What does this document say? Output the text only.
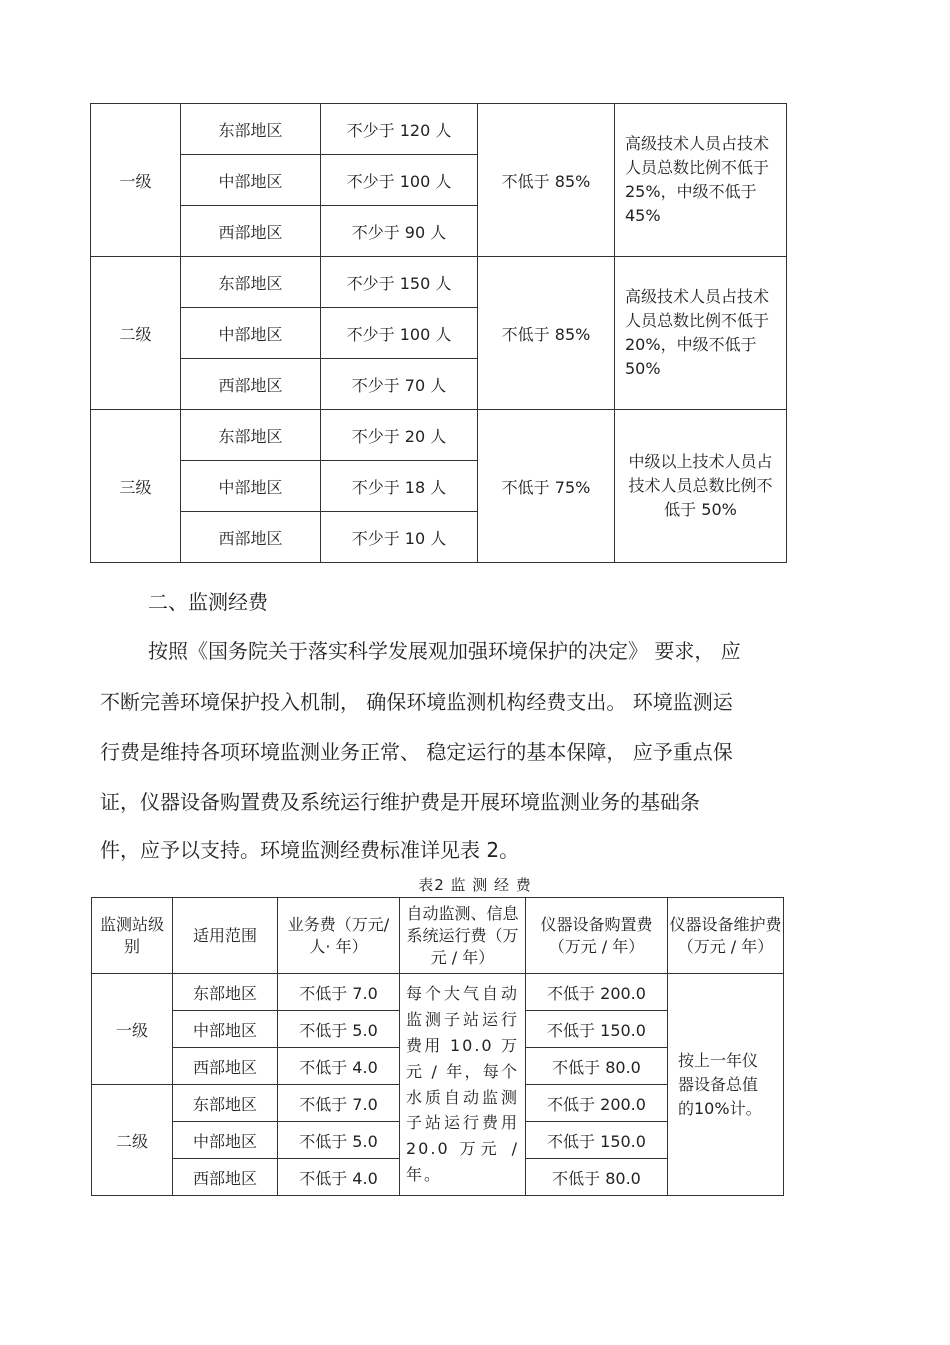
一级	东部地区	不少于 120 人	不低于 85%	高级技术人员占技术人员总数比例不低于 25%，中级不低于 45%
	中部地区	不少于 100 人		
	西部地区	不少于 90 人		
二级	东部地区	不少于 150 人	不低于 85%	高级技术人员占技术人员总数比例不低于 20%，中级不低于 50%
	中部地区	不少于 100 人		
	西部地区	不少于 70 人		
三级	东部地区	不少于 20 人	不低于 75%	中级以上技术人员占技术人员总数比例不低于 50%
	中部地区	不少于 18 人		
	西部地区	不少于 10 人		
二、监测经费
按照《国务院关于落实科学发展观加强环境保护的决定》 要求， 应
不断完善环境保护投入机制， 确保环境监测机构经费支出。 环境监测运
行费是维持各项环境监测业务正常、 稳定运行的基本保障， 应予重点保
证，仪器设备购置费及系统运行维护费是开展环境监测业务的基础条
件，应予以支持。环境监测经费标准详见表 2。
表2 监 测 经 费
监测站级 别	适用范围	业务费（万元/ 人· 年）	自动监测、信息系统运行费（万元 / 年）	仪器设备购置费（万元 / 年）	仪器设备维护费（万元 / 年）
一级	东部地区	不低于 7.0	每个大气自动监测子站运行费用 10.0 万元 / 年，每个水质自动监测子站运行费用 20.0 万元 / 年。	不低于 200.0	按上一年仪器设备总值的10%计。
	中部地区	不低于 5.0		不低于 150.0	
	西部地区	不低于 4.0		不低于 80.0	
二级	东部地区	不低于 7.0		不低于 200.0	
	中部地区	不低于 5.0		不低于 150.0	
	西部地区	不低于 4.0		不低于 80.0	
